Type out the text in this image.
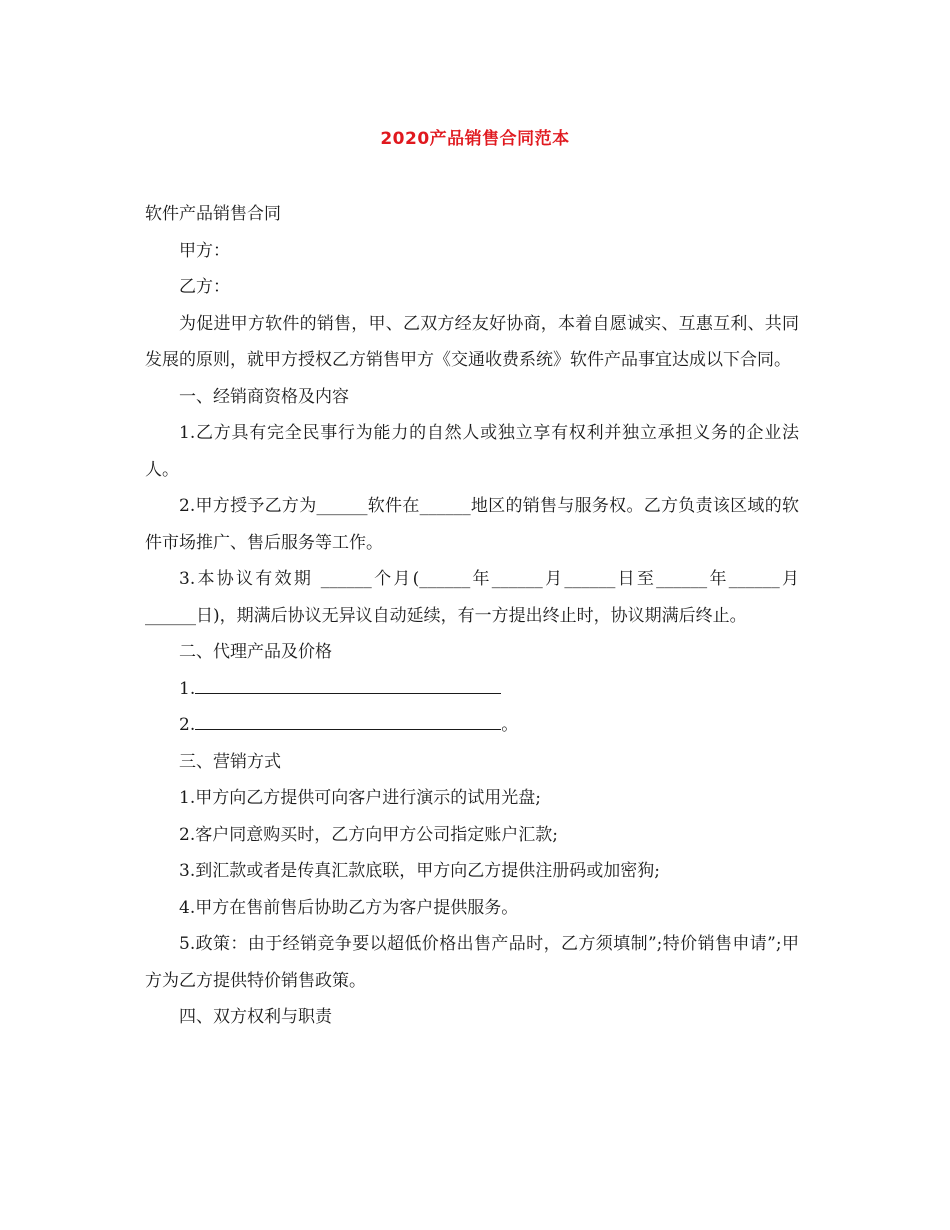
2020产品销售合同范本

软件产品销售合同

甲方：

乙方：

为促进甲方软件的销售，甲、乙双方经友好协商，本着自愿诚实、互惠互利、共同发展的原则，就甲方授权乙方销售甲方《交通收费系统》软件产品事宜达成以下合同。

一、经销商资格及内容

1.乙方具有完全民事行为能力的自然人或独立享有权利并独立承担义务的企业法人。

2.甲方授予乙方为______软件在______地区的销售与服务权。乙方负责该区域的软件市场推广、售后服务等工作。

3.本协议有效期 ______个月(______年______月______日至______年______月______日)，期满后协议无异议自动延续，有一方提出终止时，协议期满后终止。

二、代理产品及价格

1.

2.	。

三、营销方式

1.甲方向乙方提供可向客户进行演示的试用光盘;

2.客户同意购买时，乙方向甲方公司指定账户汇款;

3.到汇款或者是传真汇款底联，甲方向乙方提供注册码或加密狗;

4.甲方在售前售后协助乙方为客户提供服务。

5.政策：由于经销竞争要以超低价格出售产品时，乙方须填制”;特价销售申请”;甲方为乙方提供特价销售政策。

四、双方权利与职责
